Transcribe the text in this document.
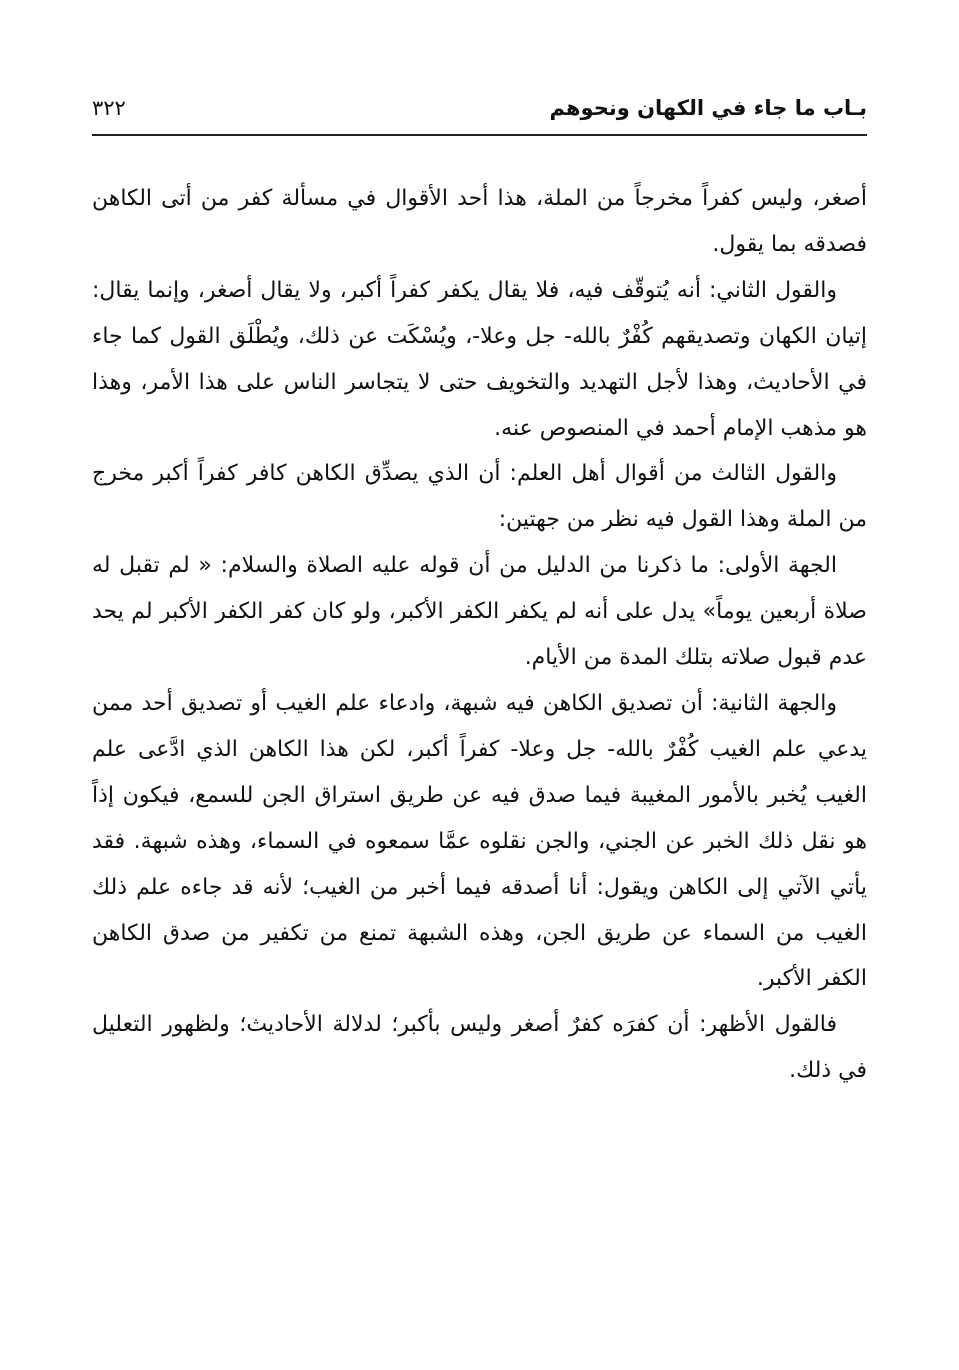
بـاب ما جاء في الكهان ونحوهم
٣٢٢

أصغر، وليس كفراً مخرجاً من الملة، هذا أحد الأقوال في مسألة كفر من أتى الكاهن فصدقه بما يقول.

والقول الثاني: أنه يُتوقّف فيه، فلا يقال يكفر كفراً أكبر، ولا يقال أصغر، وإنما يقال: إتيان الكهان وتصديقهم كُفْرٌ بالله- جل وعلا-، ويُسْكَت عن ذلك، ويُطْلَق القول كما جاء في الأحاديث، وهذا لأجل التهديد والتخويف حتى لا يتجاسر الناس على هذا الأمر، وهذا هو مذهب الإمام أحمد في المنصوص عنه.

والقول الثالث من أقوال أهل العلم: أن الذي يصدِّق الكاهن كافر كفراً أكبر مخرج من الملة وهذا القول فيه نظر من جهتين:

الجهة الأولى: ما ذكرنا من الدليل من أن قوله عليه الصلاة والسلام: « لم تقبل له صلاة أربعين يوماً» يدل على أنه لم يكفر الكفر الأكبر، ولو كان كفر الكفر الأكبر لم يحد عدم قبول صلاته بتلك المدة من الأيام.

والجهة الثانية: أن تصديق الكاهن فيه شبهة، وادعاء علم الغيب أو تصديق أحد ممن يدعي علم الغيب كُفْرٌ بالله- جل وعلا- كفراً أكبر، لكن هذا الكاهن الذي ادَّعى علم الغيب يُخبر بالأمور المغيبة فيما صدق فيه عن طريق استراق الجن للسمع، فيكون إذاً هو نقل ذلك الخبر عن الجني، والجن نقلوه عمَّا سمعوه في السماء، وهذه شبهة. فقد يأتي الآتي إلى الكاهن ويقول: أنا أصدقه فيما أخبر من الغيب؛ لأنه قد جاءه علم ذلك الغيب من السماء عن طريق الجن، وهذه الشبهة تمنع من تكفير من صدق الكاهن الكفر الأكبر.

فالقول الأظهر: أن كفرَه كفرٌ أصغر وليس بأكبر؛ لدلالة الأحاديث؛ ولظهور التعليل في ذلك.
